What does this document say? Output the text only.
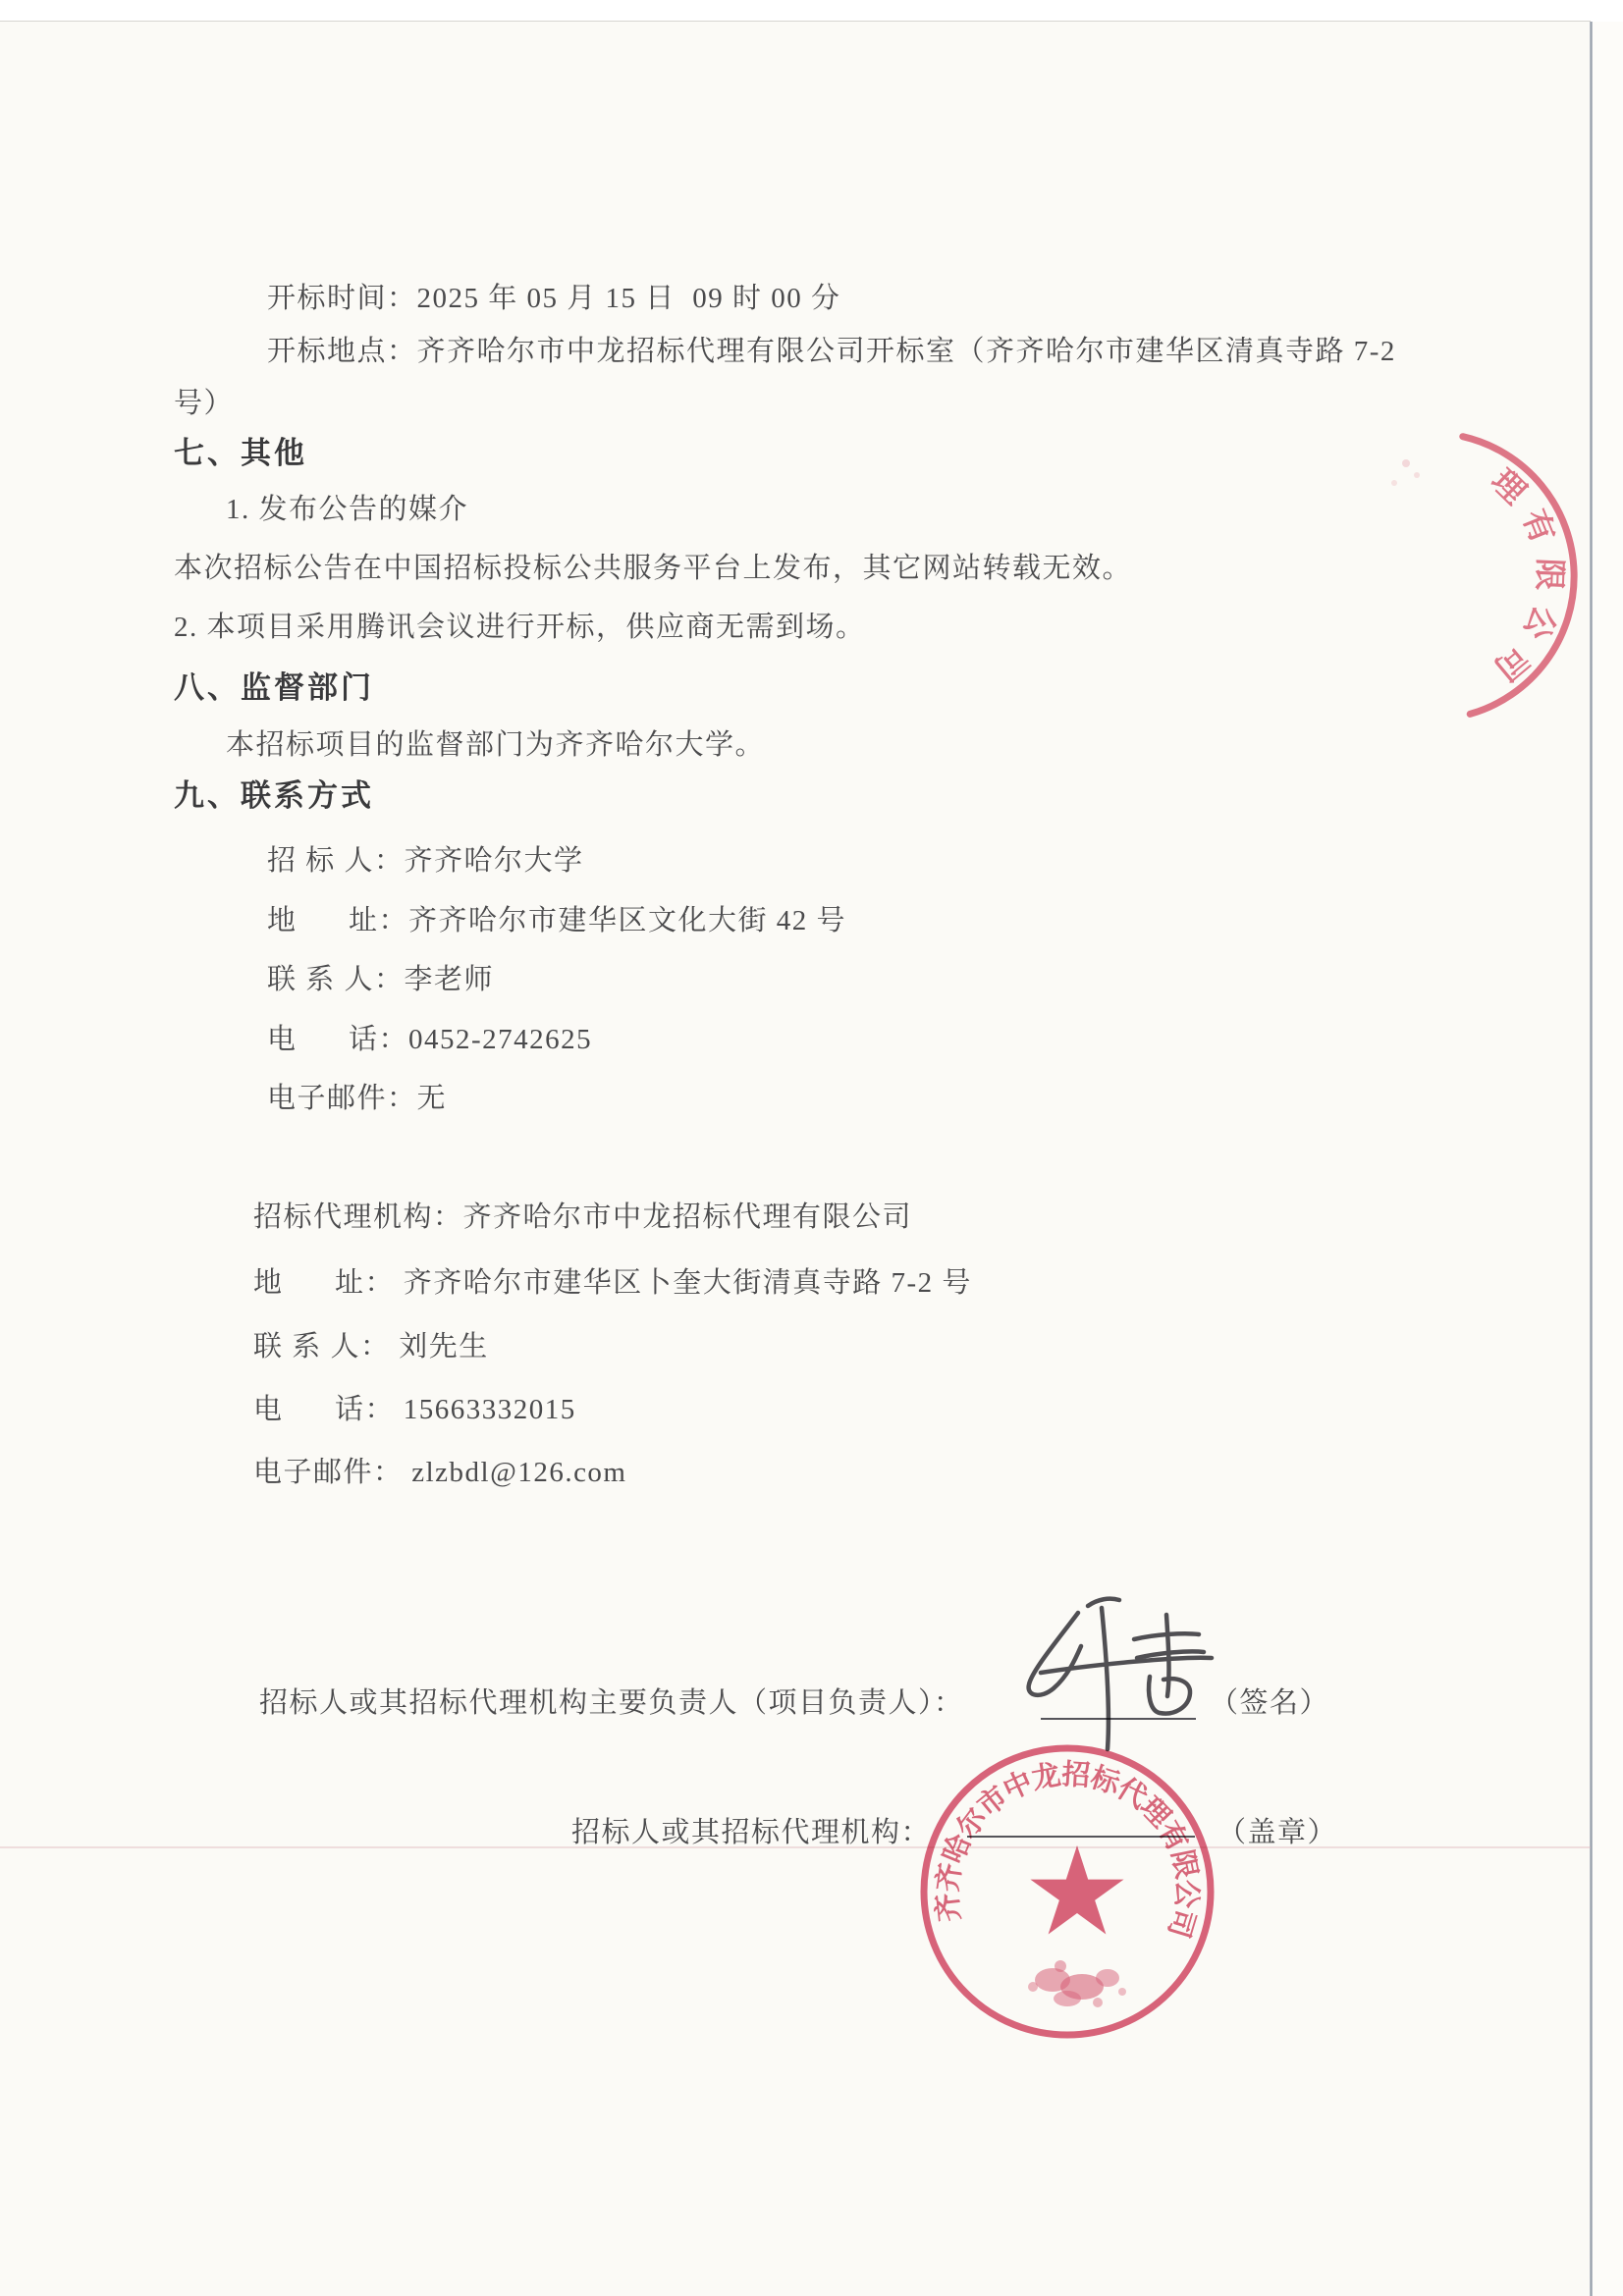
开标时间：2025 年 05 月 15 日  09 时 00 分
开标地点：齐齐哈尔市中龙招标代理有限公司开标室（齐齐哈尔市建华区清真寺路 7-2
号）
七、其他
1. 发布公告的媒介
本次招标公告在中国招标投标公共服务平台上发布，其它网站转载无效。
2. 本项目采用腾讯会议进行开标，供应商无需到场。
八、监督部门
本招标项目的监督部门为齐齐哈尔大学。
九、联系方式
招 标 人：齐齐哈尔大学
地      址：齐齐哈尔市建华区文化大街 42 号
联 系 人：李老师
电      话：0452-2742625
电子邮件：无
招标代理机构：齐齐哈尔市中龙招标代理有限公司
地      址： 齐齐哈尔市建华区卜奎大街清真寺路 7-2 号
联 系 人： 刘先生
电      话： 15663332015
电子邮件： zlzbdl@126.com
招标人或其招标代理机构主要负责人（项目负责人）：	（签名）
招标人或其招标代理机构：	（盖章）
齐齐哈尔市中龙招标代理有限公司
理有限公司
